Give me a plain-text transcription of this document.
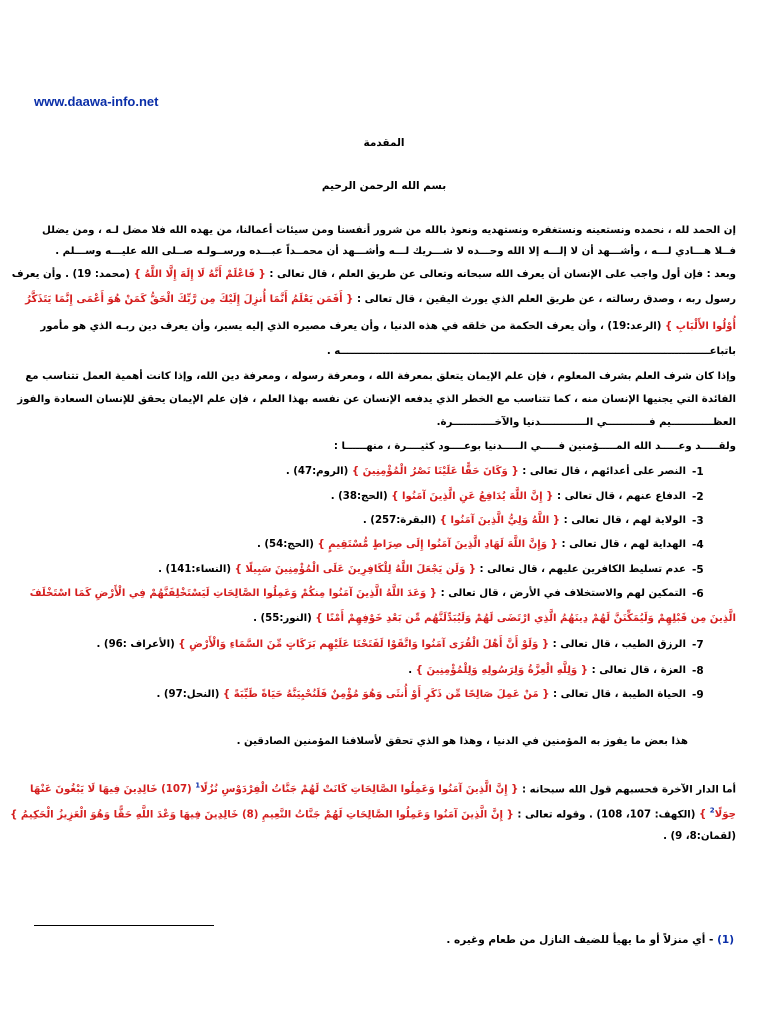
www.daawa-info.net
المقدمة
بسم الله الرحمن الرحيم
إن الحمد لله ، نحمده ونستعينه ونستغفره ونستهديه ونعوذ بالله من شرور أنفسنا ومن سيئات أعمالنا، من يهده الله فلا مضل لـه ، ومن يضلل
فــلا هـــادي لـــه ، وأشـــهد أن لا إلـــه إلا الله وحـــده لا شـــريك لـــه وأشـــهد أن محمــداً عبـــده ورســولـه صــلى الله عليـــه وســـلم .
وبعد : فإن أول واجب على الإنسان أن يعرف الله سبحانه وتعالى عن طريق العلم ، قال تعالى : { فَاعْلَمْ أَنَّهُ لَا إِلَهَ إِلَّا اللَّهُ } (محمد: 19) . وأن يعرف
رسول ربه ، وصدق رسالته ، عن طريق العلم الذي يورث اليقين ، قال تعالى : { أَفَمَن يَعْلَمُ أَنَّمَا أُنزِلَ إِلَيْكَ مِن رَّبِّكَ الْحَقُّ كَمَنْ هُوَ أَعْمَى إِنَّمَا يَتَذَكَّرُ
أُوْلُوا الأَلْبَابِ } (الرعد:19) ، وأن يعرف الحكمة من خلقه في هذه الدنيا ، وأن يعرف مصيره الذي إليه يسير، وأن يعرف دين ربـه الذي هو مأمور
باتباعــــــــــــــــــــــــــــــــــــــــــــــــــــــــــــــــــــــــــــــــــــــــــــــــــــــــــه .
وإذا كان شرف العلم بشرف المعلوم ، فإن علم الإيمان يتعلق بمعرفة الله ، ومعرفة رسوله ، ومعرفة دين الله، وإذا كانت أهمية العمل تتناسب مع
الفائدة التي يجنيها الإنسان منه ، كما تتناسب مع الخطر الذي يدفعه الإنسان عن نفسه بهذا العلم ، فإن علم الإيمان يحقق للإنسان السعادة والفوز
العظــــــــــــيم فــــــــــــي الـــــــــــــدنيا والآخــــــــــــرة.
ولقـــــد وعـــــد الله المـــــؤمنين فـــــي الـــــدنيا بوعــــود كثيــــرة ، منهــــــا :
-1
النصر على أعدائهم ، قال تعالى : { وَكَانَ حَقًّا عَلَيْنَا نَصْرُ الْمُؤْمِنِينَ } (الروم:47) .
-2
الدفاع عنهم ، قال تعالى : { إِنَّ اللَّهَ يُدَافِعُ عَنِ الَّذِينَ آمَنُوا } (الحج:38) .
-3
الولاية لهم ، قال تعالى : { اللَّهُ وَلِيُّ الَّذِينَ آمَنُوا } (البقرة:257) .
-4
الهداية لهم ، قال تعالى : { وَإِنَّ اللَّهَ لَهَادِ الَّذِينَ آمَنُوا إِلَى صِرَاطٍ مُّسْتَقِيمٍ } (الحج:54) .
-5
عدم تسليط الكافرين عليهم ، قال تعالى : { وَلَن يَجْعَلَ اللَّهُ لِلْكَافِرِينَ عَلَى الْمُؤْمِنِينَ سَبِيلًا } (النساء:141) .
-6
التمكين لهم والاستخلاف في الأرض ، قال تعالى : { وَعَدَ اللَّهُ الَّذِينَ آمَنُوا مِنكُمْ وَعَمِلُوا الصَّالِحَاتِ لَيَسْتَخْلِفَنَّهُمْ فِي الْأَرْضِ كَمَا اسْتَخْلَفَ
الَّذِينَ مِن قَبْلِهِمْ وَلَيُمَكِّنَنَّ لَهُمْ دِينَهُمُ الَّذِي ارْتَضَى لَهُمْ وَلَيُبَدِّلَنَّهُم مِّن بَعْدِ خَوْفِهِمْ أَمْنًا } (النور:55) .
-7
الرزق الطيب ، قال تعالى : { وَلَوْ أَنَّ أَهْلَ الْقُرَى آمَنُوا وَاتَّقَوْا لَفَتَحْنَا عَلَيْهِم بَرَكَاتٍ مِّنَ السَّمَاءِ وَالْأَرْضِ } (الأعراف :96) .
-8
العزة ، قال تعالى : { وَلِلَّهِ الْعِزَّةُ وَلِرَسُولِهِ وَلِلْمُؤْمِنِينَ } .
-9
الحياة الطيبة ، قال تعالى : { مَنْ عَمِلَ صَالِحًا مِّن ذَكَرٍ أَوْ أُنثَى وَهُوَ مُؤْمِنٌ فَلَنُحْيِيَنَّهُ حَيَاةً طَيِّبَةً } (النحل:97) .
هذا بعض ما يفوز به المؤمنين في الدنيا ، وهذا هو الذي تحقق لأسلافنا المؤمنين الصادقين .
أما الدار الآخرة فحسبهم قول الله سبحانه : { إِنَّ الَّذِينَ آمَنُوا وَعَمِلُوا الصَّالِحَاتِ كَانَتْ لَهُمْ جَنَّاتُ الْفِرْدَوْسِ نُزُلًا$^1$ (107) خَالِدِينَ فِيهَا لَا يَبْغُونَ عَنْهَا
حِوَلًا$^2$ } (الكهف: 107، 108) . وقوله تعالى : { إِنَّ الَّذِينَ آمَنُوا وَعَمِلُوا الصَّالِحَاتِ لَهُمْ جَنَّاتُ النَّعِيمِ (8) خَالِدِينَ فِيهَا وَعْدَ اللَّهِ حَقًّا وَهُوَ الْعَزِيزُ الْحَكِيمُ }
(لقمان:8، 9) .
(1) - أي منزلاً أو ما يهيأ للضيف النازل من طعام وغيره .
